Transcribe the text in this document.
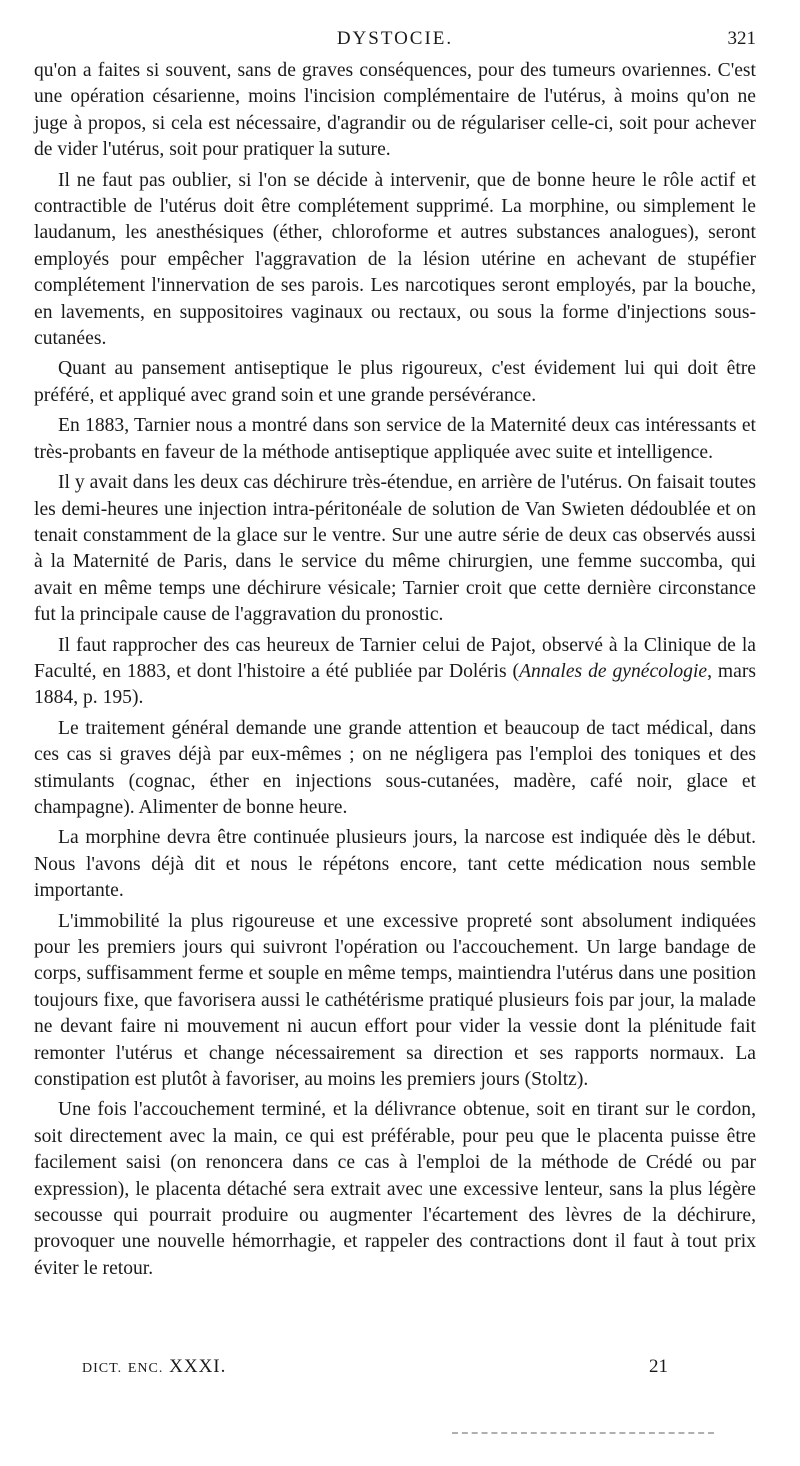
DYSTOCIE.	321

qu'on a faites si souvent, sans de graves conséquences, pour des tumeurs ovariennes. C'est une opération césarienne, moins l'incision complémentaire de l'utérus, à moins qu'on ne juge à propos, si cela est nécessaire, d'agrandir ou de régulariser celle-ci, soit pour achever de vider l'utérus, soit pour pratiquer la suture.

Il ne faut pas oublier, si l'on se décide à intervenir, que de bonne heure le rôle actif et contractible de l'utérus doit être complétement supprimé. La morphine, ou simplement le laudanum, les anesthésiques (éther, chloroforme et autres substances analogues), seront employés pour empêcher l'aggravation de la lésion utérine en achevant de stupéfier complétement l'innervation de ses parois. Les narcotiques seront employés, par la bouche, en lavements, en suppositoires vaginaux ou rectaux, ou sous la forme d'injections sous-cutanées.

Quant au pansement antiseptique le plus rigoureux, c'est évidement lui qui doit être préféré, et appliqué avec grand soin et une grande persévérance.

En 1883, Tarnier nous a montré dans son service de la Maternité deux cas intéressants et très-probants en faveur de la méthode antiseptique appliquée avec suite et intelligence.

Il y avait dans les deux cas déchirure très-étendue, en arrière de l'utérus. On faisait toutes les demi-heures une injection intra-péritonéale de solution de Van Swieten dédoublée et on tenait constamment de la glace sur le ventre. Sur une autre série de deux cas observés aussi à la Maternité de Paris, dans le service du même chirurgien, une femme succomba, qui avait en même temps une déchirure vésicale; Tarnier croit que cette dernière circonstance fut la principale cause de l'aggravation du pronostic.

Il faut rapprocher des cas heureux de Tarnier celui de Pajot, observé à la Clinique de la Faculté, en 1883, et dont l'histoire a été publiée par Doléris (Annales de gynécologie, mars 1884, p. 195).

Le traitement général demande une grande attention et beaucoup de tact médical, dans ces cas si graves déjà par eux-mêmes ; on ne négligera pas l'emploi des toniques et des stimulants (cognac, éther en injections sous-cutanées, madère, café noir, glace et champagne). Alimenter de bonne heure.

La morphine devra être continuée plusieurs jours, la narcose est indiquée dès le début. Nous l'avons déjà dit et nous le répétons encore, tant cette médication nous semble importante.

L'immobilité la plus rigoureuse et une excessive propreté sont absolument indiquées pour les premiers jours qui suivront l'opération ou l'accouchement. Un large bandage de corps, suffisamment ferme et souple en même temps, maintiendra l'utérus dans une position toujours fixe, que favorisera aussi le cathétérisme pratiqué plusieurs fois par jour, la malade ne devant faire ni mouvement ni aucun effort pour vider la vessie dont la plénitude fait remonter l'utérus et change nécessairement sa direction et ses rapports normaux. La constipation est plutôt à favoriser, au moins les premiers jours (Stoltz).

Une fois l'accouchement terminé, et la délivrance obtenue, soit en tirant sur le cordon, soit directement avec la main, ce qui est préférable, pour peu que le placenta puisse être facilement saisi (on renoncera dans ce cas à l'emploi de la méthode de Crédé ou par expression), le placenta détaché sera extrait avec une excessive lenteur, sans la plus légère secousse qui pourrait produire ou augmenter l'écartement des lèvres de la déchirure, provoquer une nouvelle hémorrhagie, et rappeler des contractions dont il faut à tout prix éviter le retour.

DICT. ENC. XXXI.	21
